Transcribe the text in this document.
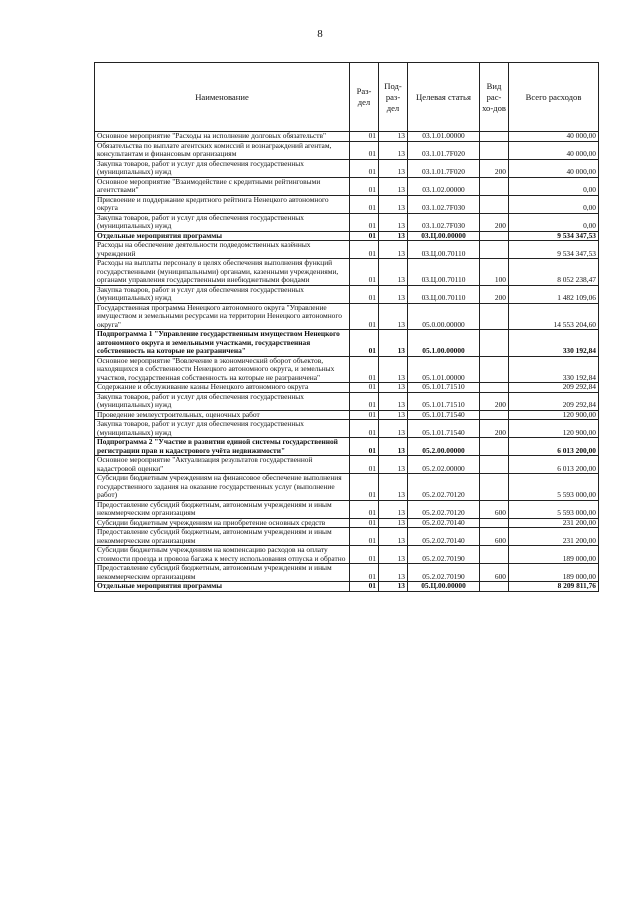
8
Наименование	Раз-дел	Под-раз-дел	Целевая статья	Вид рас-хо-дов	Всего расходов
Основное мероприятие "Расходы на исполнение долговых обязательств"	01	13	03.1.01.00000		40 000,00
Обязательства по выплате агентских комиссий и вознаграждений агентам, консультантам и финансовым организациям	01	13	03.1.01.7F020		40 000,00
Закупка товаров, работ и услуг для обеспечения государственных (муниципальных) нужд	01	13	03.1.01.7F020	200	40 000,00
Основное мероприятие "Взаимодействие с кредитными рейтинговыми агентствами"	01	13	03.1.02.00000		0,00
Присвоение и поддержание кредитного рейтинга Ненецкого автономного округа	01	13	03.1.02.7F030		0,00
Закупка товаров, работ и услуг для обеспечения государственных (муниципальных) нужд	01	13	03.1.02.7F030	200	0,00
Отдельные мероприятия программы	01	13	03.Ц.00.00000		9 534 347,53
Расходы на обеспечение деятельности подведомственных казённых учреждений	01	13	03.Ц.00.70110		9 534 347,53
Расходы на выплаты персоналу в целях обеспечения выполнения функций государственными (муниципальными) органами, казенными учреждениями, органами управления государственными внебюджетными фондами	01	13	03.Ц.00.70110	100	8 052 238,47
Закупка товаров, работ и услуг для обеспечения государственных (муниципальных) нужд	01	13	03.Ц.00.70110	200	1 482 109,06
Государственная программа Ненецкого автономного округа "Управление имуществом и земельными ресурсами на территории Ненецкого автономного округа"	01	13	05.0.00.00000		14 553 204,60
Подпрограмма 1 "Управление государственным имуществом Ненецкого автономного округа и земельными участками, государственная собственность на которые не разграничена"	01	13	05.1.00.00000		330 192,84
Основное мероприятие "Вовлечение в экономический оборот объектов, находящихся в собственности Ненецкого автономного округа, и земельных участков, государственная собственность на которые не разграничена"	01	13	05.1.01.00000		330 192,84
Содержание и обслуживание казны Ненецкого автономного округа	01	13	05.1.01.71510		209 292,84
Закупка товаров, работ и услуг для обеспечения государственных (муниципальных) нужд	01	13	05.1.01.71510	200	209 292,84
Проведение землеустроительных, оценочных работ	01	13	05.1.01.71540		120 900,00
Закупка товаров, работ и услуг для обеспечения государственных (муниципальных) нужд	01	13	05.1.01.71540	200	120 900,00
Подпрограмма 2 "Участие в развитии единой системы государственной регистрации прав и кадастрового учёта недвижимости"	01	13	05.2.00.00000		6 013 200,00
Основное мероприятие "Актуализация результатов государственной кадастровой оценки"	01	13	05.2.02.00000		6 013 200,00
Субсидии бюджетным учреждениям на финансовое обеспечение выполнения государственного задания на оказание государственных услуг (выполнение работ)	01	13	05.2.02.70120		5 593 000,00
Предоставление субсидий бюджетным, автономным учреждениям и иным некоммерческим организациям	01	13	05.2.02.70120	600	5 593 000,00
Субсидии бюджетным учреждениям на приобретение основных средств	01	13	05.2.02.70140		231 200,00
Предоставление субсидий бюджетным, автономным учреждениям и иным некоммерческим организациям	01	13	05.2.02.70140	600	231 200,00
Субсидии бюджетным учреждениям на компенсацию расходов на оплату стоимости проезда и провоза багажа к месту использования отпуска и обратно	01	13	05.2.02.70190		189 000,00
Предоставление субсидий бюджетным, автономным учреждениям и иным некоммерческим организациям	01	13	05.2.02.70190	600	189 000,00
Отдельные мероприятия программы	01	13	05.Ц.00.00000		8 209 811,76
